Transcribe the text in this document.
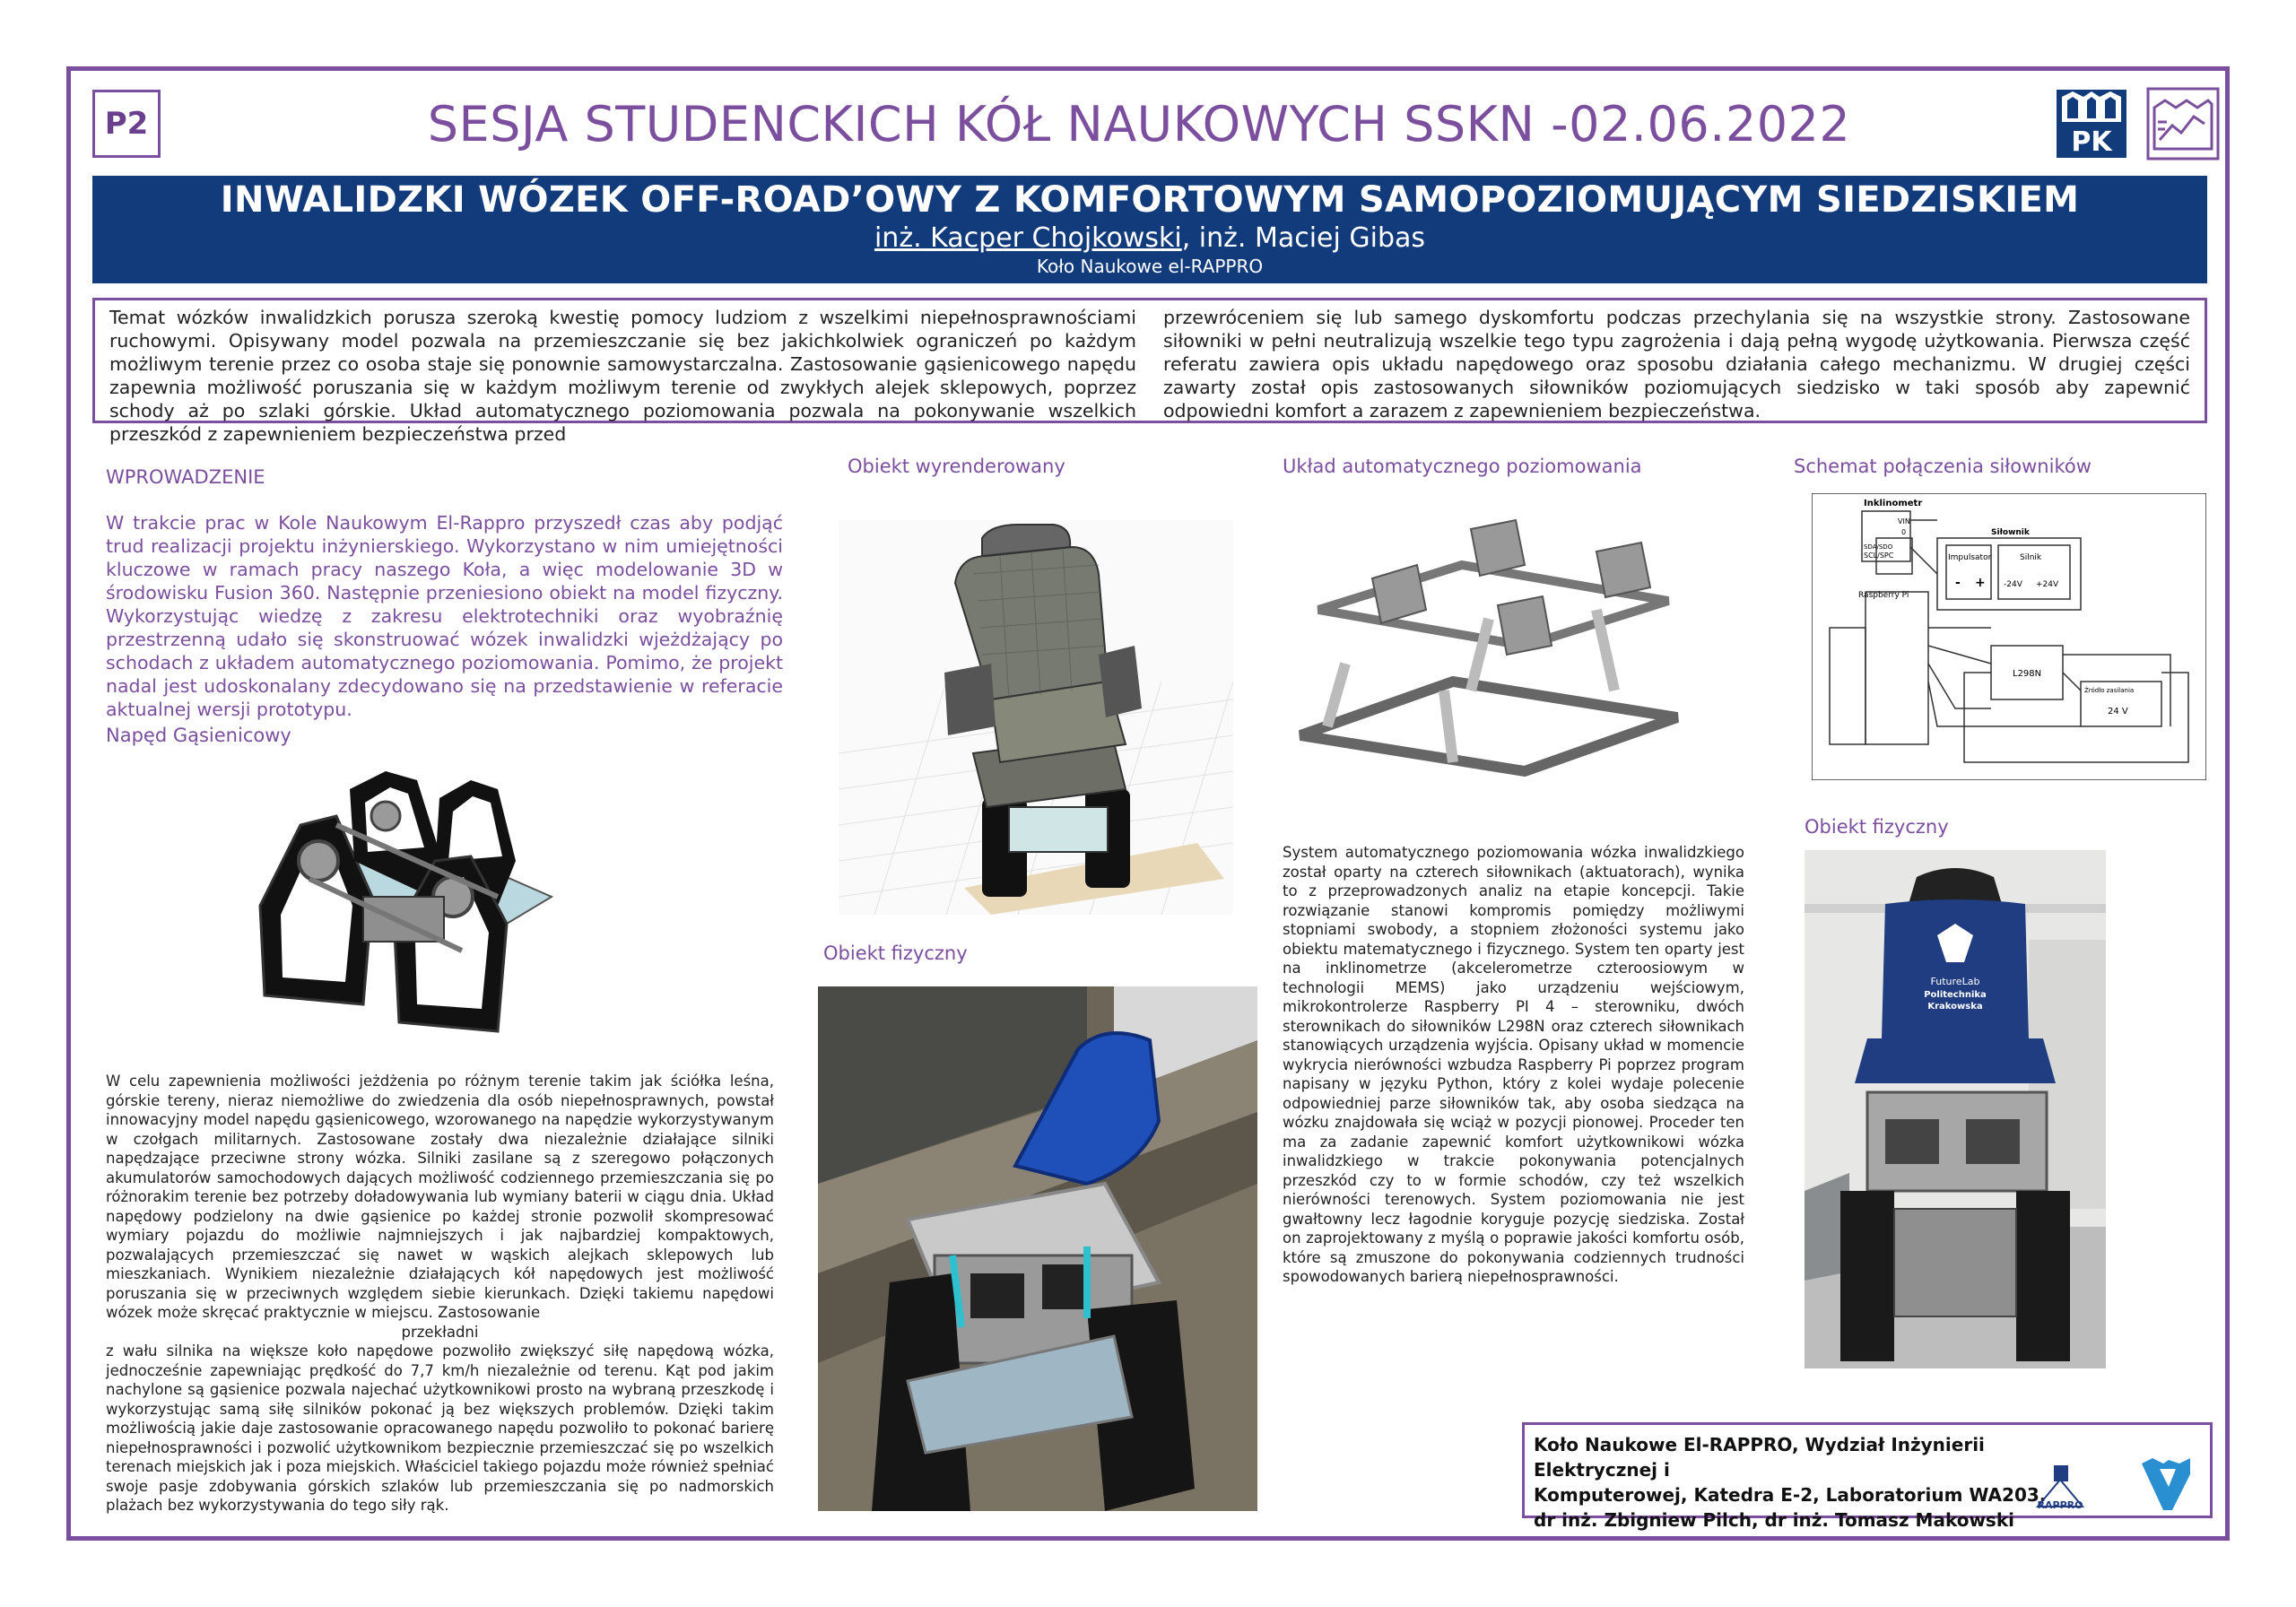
P2	SESJA STUDENCKICH KÓŁ NAUKOWYCH SSKN -02.06.2022	PK
INWALIDZKI WÓZEK OFF-ROAD’OWY Z KOMFORTOWYM SAMOPOZIOMUJĄCYM SIEDZISKIEM
inż. Kacper Chojkowski, inż. Maciej Gibas
Koło Naukowe el-RAPPRO

Temat wózków inwalidzkich porusza szeroką kwestię pomocy ludziom z wszelkimi niepełnosprawnościami ruchowymi. Opisywany model pozwala na przemieszczanie się bez jakichkolwiek ograniczeń po każdym możliwym terenie przez co osoba staje się ponownie samowystarczalna. Zastosowanie gąsienicowego napędu zapewnia możliwość poruszania się w każdym możliwym terenie od zwykłych alejek sklepowych, poprzez schody aż po szlaki górskie. Układ automatycznego poziomowania pozwala na pokonywanie wszelkich przeszkód z zapewnieniem bezpieczeństwa przed

przewróceniem się lub samego dyskomfortu podczas przechylania się na wszystkie strony. Zastosowane siłowniki w pełni neutralizują wszelkie tego typu zagrożenia i dają pełną wygodę użytkowania. Pierwsza część referatu zawiera opis układu napędowego oraz sposobu działania całego mechanizmu. W drugiej części zawarty został opis zastosowanych siłowników poziomujących siedzisko w taki sposób aby zapewnić odpowiedni komfort a zarazem z zapewnieniem bezpieczeństwa.

WPROWADZENIE
W trakcie prac w Kole Naukowym El-Rappro przyszedł czas aby podjąć trud realizacji projektu inżynierskiego. Wykorzystano w nim umiejętności kluczowe w ramach pracy naszego Koła, a więc modelowanie 3D w środowisku Fusion 360. Następnie przeniesiono obiekt na model fizyczny. Wykorzystując wiedzę z zakresu elektrotechniki oraz wyobraźnię przestrzenną udało się skonstruować wózek inwalidzki wjeżdżający po schodach z układem automatycznego poziomowania. Pomimo, że projekt nadal jest udoskonalany zdecydowano się na przedstawienie w referacie aktualnej wersji prototypu.
Napęd Gąsienicowy

W celu zapewnienia możliwości jeżdżenia po różnym terenie takim jak ściółka leśna, górskie tereny, nieraz niemożliwe do zwiedzenia dla osób niepełnosprawnych, powstał innowacyjny model napędu gąsienicowego, wzorowanego na napędzie wykorzystywanym w czołgach militarnych. Zastosowane zostały dwa niezależnie działające silniki napędzające przeciwne strony wózka. Silniki zasilane są z szeregowo połączonych akumulatorów samochodowych dających możliwość codziennego przemieszczania się po różnorakim terenie bez potrzeby doładowywania lub wymiany baterii w ciągu dnia. Układ napędowy podzielony na dwie gąsienice po każdej stronie pozwolił skompresować wymiary pojazdu do możliwie najmniejszych i jak najbardziej kompaktowych, pozwalających przemieszczać się nawet w wąskich alejkach sklepowych lub mieszkaniach. Wynikiem niezależnie działających kół napędowych jest możliwość poruszania się w przeciwnych względem siebie kierunkach. Dzięki takiemu napędowi wózek może skręcać praktycznie w miejscu. Zastosowanie

przekładni

z wału silnika na większe koło napędowe pozwoliło zwiększyć siłę napędową wózka, jednocześnie zapewniając prędkość do 7,7 km/h niezależnie od terenu. Kąt pod jakim nachylone są gąsienice pozwala najechać użytkownikowi prosto na wybraną przeszkodę i wykorzystując samą siłę silników pokonać ją bez większych problemów. Dzięki takim możliwością jakie daje zastosowanie opracowanego napędu pozwoliło to pokonać barierę niepełnosprawności i pozwolić użytkownikom bezpiecznie przemieszczać się po wszelkich terenach miejskich jak i poza miejskich. Właściciel takiego pojazdu może również spełniać swoje pasje zdobywania górskich szlaków lub przemieszczania się po nadmorskich plażach bez wykorzystywania do tego siły rąk.

Obiekt wyrenderowany
Obiekt fizyczny
Układ automatycznego poziomowania
System automatycznego poziomowania wózka inwalidzkiego został oparty na czterech siłownikach (aktuatorach), wynika to z przeprowadzonych analiz na etapie koncepcji. Takie rozwiązanie stanowi kompromis pomiędzy możliwymi stopniami swobody, a stopniem złożoności systemu jako obiektu matematycznego i fizycznego. System ten oparty jest na inklinometrze (akcelerometrze czteroosiowym w technologii MEMS) jako urządzeniu wejściowym, mikrokontrolerze Raspberry PI 4 – sterowniku, dwóch sterownikach do siłowników L298N oraz czterech siłownikach stanowiących urządzenia wyjścia. Opisany układ w momencie wykrycia nierówności wzbudza Raspberry Pi poprzez program napisany w języku Python, który z kolei wydaje polecenie odpowiedniej parze siłowników tak, aby osoba siedząca na wózku znajdowała się wciąż w pozycji pionowej. Proceder ten ma za zadanie zapewnić komfort użytkownikowi wózka inwalidzkiego w trakcie pokonywania potencjalnych przeszkód czy to w formie schodów, czy też wszelkich nierówności terenowych. System poziomowania nie jest gwałtowny lecz łagodnie koryguje pozycję siedziska. Został on zaprojektowany z myślą o poprawie jakości komfortu osób, które są zmuszone do pokonywania codziennych trudności spowodowanych barierą niepełnosprawności.
Schemat połączenia siłowników
Inklinometr
VIN
0
SDA/SDO
SCL/SPC
Siłownik
Impulsator	Silnik
- + -24V +24V
Raspberry Pi
L298N
Źródło zasilania
24 V
Obiekt fizyczny
FutureLab
Politechnika
Krakowska
Koło Naukowe El-RAPPRO, Wydział Inżynierii Elektrycznej i
Komputerowej, Katedra E-2, Laboratorium WA203.
dr inż. Zbigniew Pilch, dr inż. Tomasz Makowski
RAPPRO
